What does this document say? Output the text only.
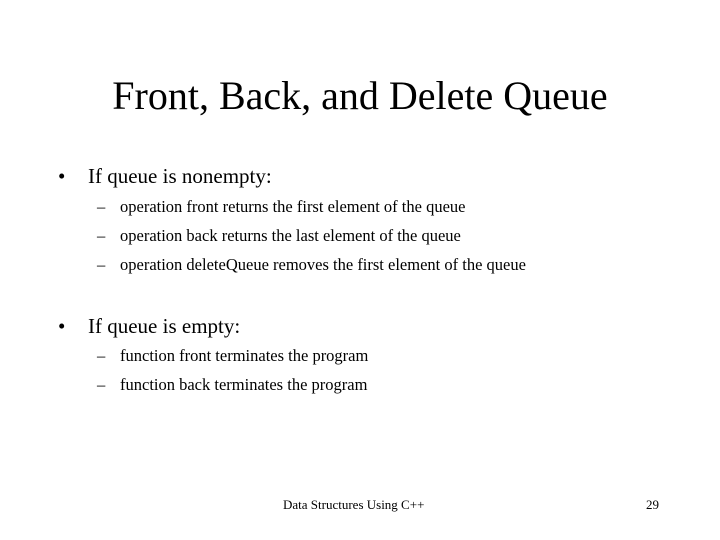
Front, Back, and Delete Queue
• If queue is nonempty:
– operation front returns the first element of the queue
– operation back returns the last element of the queue
– operation deleteQueue removes the first element of the queue
• If queue is empty:
– function front terminates the program
– function back terminates the program
Data Structures Using C++	29
